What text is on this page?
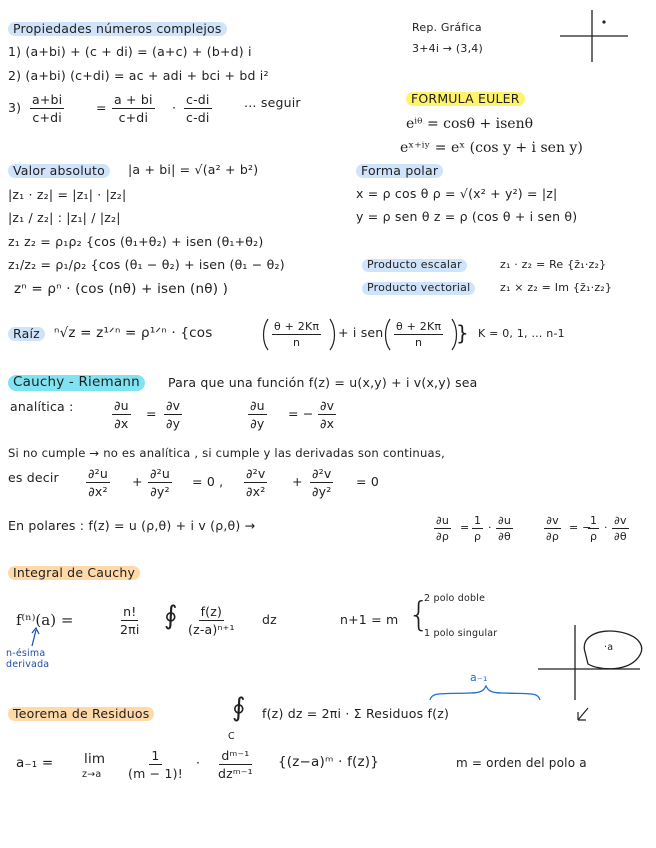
Propiedades números complejos
1) (a+bi) + (c + di) = (a+c) + (b+d) i
2) (a+bi) (c+di) = ac + adi + bci + bd i²
$3) \frac{a+bi}{c+di}$	= $\frac{a + bi}{c+di} \cdot \frac{c-di}{c-di}$	… seguir
Rep. Gráfica
3+4i → (3,4)
FORMULA EULER
eⁱᶿ = cosθ + isenθ
eˣ⁺ⁱʸ = eˣ (cos y + i sen y)
Valor absoluto	|a + bi| = √(a² + b²)
|z₁ · z₂| = |z₁| · |z₂|
|z₁ / z₂| : |z₁| / |z₂|
z₁ z₂ = ρ₁ρ₂ {cos (θ₁+θ₂) + isen (θ₁+θ₂)
z₁/z₂ = ρ₁/ρ₂ {cos (θ₁ − θ₂) + isen (θ₁ − θ₂)
zⁿ = ρⁿ · (cos (nθ) + isen (nθ) )
Forma polar
x = ρ cos θ ρ = √(x² + y²) = |z|
y = ρ sen θ z = ρ (cos θ + i sen θ)
Producto escalar	z₁ · z₂ = Re {z̄₁·z₂}
Producto vectorial	z₁ × z₂ = Im {z̄₁·z₂}
Raíz	ⁿ√z = z¹ᐟⁿ = ρ¹ᐟⁿ · {cos	$\frac{\theta + 2K\pi}{n} + i$ sen $\frac{\theta + 2K\pi}{n}$ } K = 0, 1, … n-1
Cauchy - Riemann	Para que una función f(z) = u(x,y) + i v(x,y) sea
analítica :	$\frac{\partial u}{\partial x} = \frac{\partial v}{\partial y}$	$\frac{\partial u}{\partial y}$ = − $\frac{\partial v}{\partial x}$
Si no cumple → no es analítica , si cumple y las derivadas son continuas,
es decir $\frac{\text{∂²u}}{\text{∂x²}} + \frac{\text{∂²u}}{\text{∂y²}} = 0$ , $\frac{\text{∂²v}}{\text{∂x²}} + \frac{\text{∂²v}}{\text{∂y²}} = 0$
En polares : f(z) = u (ρ,θ) + i v (ρ,θ) →	$\frac{\partial u}{\partial\rho} = \frac{1}{\rho} \cdot \frac{\partial u}{\partial\theta}$	$\frac{\partial v}{\partial\rho}$ = −
$\frac{1}{\rho} \cdot \frac{\partial v}{\partial\theta}$
Integral de Cauchy
f⁽ⁿ⁾(a) =	$\frac{n!}{2\pi i}$ ∮ $\frac{f(z)}{\text{(z-a)ⁿ⁺¹}}$ dz
n-ésima
derivada
n+1 = m {
2 polo doble
1 polo singular
·a
Teorema de Residuos	∮
C
f(z) dz = 2πi · Σ Residuos f(z)
a₋₁
a₋₁ = lim
$z\to a \frac{1}{(m - 1)!}$ · dᵐ⁻¹
dzᵐ⁻¹
{(z−a)ᵐ · f(z)}	m = orden del polo a
